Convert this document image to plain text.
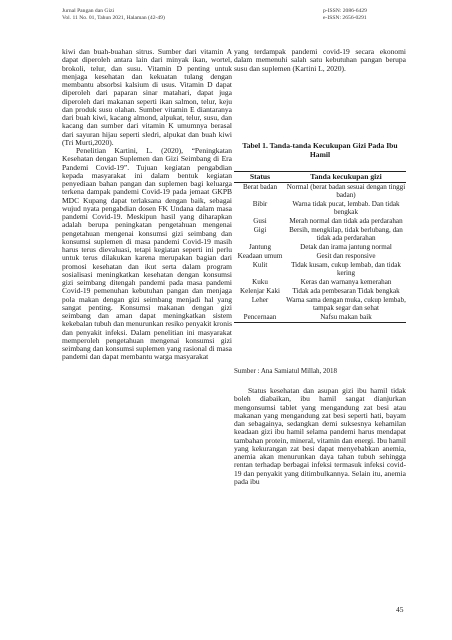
Jurnal Pangan dan Gizi
Vol. 11 No. 01, Tahun 2021, Halaman (42-49)
p-ISSN: 2086-6429
e-ISSN: 2656-0291

kiwi dan buah-buahan sitrus. Sumber dari vitamin A dapat diperoleh antara lain dari minyak ikan, wortel, brokoli, telur, dan susu. Vitamin D penting untuk menjaga kesehatan dan kekuatan tulang dengan membantu absorbsi kalsium di usus. Vitamin D dapat diperoleh dari paparan sinar matahari, dapat juga diperoleh dari makanan seperti ikan salmon, telur, keju dan produk susu olahan. Sumber vitamin E diantaranya dari buah kiwi, kacang almond, alpukat, telur, susu, dan kacang dan sumber dari vitamin K umumnya berasal dari sayuran hijau seperti sledri, alpukat dan buah kiwi (Tri Murti,2020).

Penelitian Kartini, L. (2020), “Peningkatan Kesehatan dengan Suplemen dan Gizi Seimbang di Era Pandemi Covid-19”. Tujuan kegiatan pengabdian kepada masyarakat ini dalam bentuk kegiatan penyediaan bahan pangan dan suplemen bagi keluarga terkena dampak pandemi Covid-19 pada jemaat GKPB MDC Kupang dapat terlaksana dengan baik, sebagai wujud nyata pengabdian dosen FK Undana dalam masa pandemi Covid-19. Meskipun hasil yang diharapkan adalah berupa peningkatan pengetahuan mengenai pengetahuan mengenai konsumsi gizi seimbang dan konsumsi suplemen di masa pandemi Covid-19 masih harus terus dievaluasi, tetapi kegiatan seperti ini perlu untuk terus dilakukan karena merupakan bagian dari promosi kesehatan dan ikut serta dalam program sosialisasi meningkatkan kesehatan dengan konsumsi gizi seimbang ditengah pandemi pada masa pandemi Covid-19 pemenuhan kebutuhan pangan dan menjaga pola makan dengan gizi seimbang menjadi hal yang sangat penting. Konsumsi makanan dengan gizi seimbang dan aman dapat meningkatkan sistem kekebalan tubuh dan menurunkan resiko penyakit kronis dan penyakit infeksi. Dalam penelitian ini masyarakat memperoleh pengetahuan mengenai konsumsi gizi seimbang dan konsumsi suplemen yang rasional di masa pandemi dan dapat membantu warga masyarakat

yang terdampak pandemi covid-19 secara ekonomi dalam memenuhi salah satu kebutuhan pangan berupa susu dan suplemen (Kartini L, 2020).

Tabel 1. Tanda-tanda Kecukupan Gizi Pada Ibu Hamil
Status	Tanda kecukupan gizi
Berat badan	Normal (berat badan sesuai dengan tinggi badan)
Bibir	Warna tidak pucat, lembab. Dan tidak bengkak
Gusi	Merah normal dan tidak ada perdarahan
Gigi	Bersih, mengkilap, tidak berlubang, dan tidak ada perdarahan
Jantung	Detak dan irama jantung normal
Keadaan umum	Gesit dan responsive
Kulit	Tidak kusam, cukup lembab, dan tidak kering
Kuku	Keras dan warnanya kemerahan
Kelenjar Kaki	Tidak ada pembesaran Tidak bengkak
Leher	Warna sama dengan muka, cukup lembab, tampak segar dan sehat
Pencernaan	Nafsu makan baik
Sumber : Ana Samiatul Millah, 2018

Status kesehatan dan asupan gizi ibu hamil tidak boleh diabaikan, ibu hamil sangat dianjurkan mengonsumsi tablet yang mengandung zat besi atau makanan yang mengandung zat besi seperti hati, bayam dan sebagainya, sedangkan demi suksesnya kehamilan keadaan gizi ibu hamil selama pandemi harus mendapat tambahan protein, mineral, vitamin dan energi. Ibu hamil yang kekurangan zat besi dapat menyebabkan anemia, anemia akan menurunkan daya tahan tubuh sehingga rentan terhadap berbagai infeksi termasuk infeksi covid-19 dan penyakit yang ditimbulkannya. Selain itu, anemia pada ibu

45
